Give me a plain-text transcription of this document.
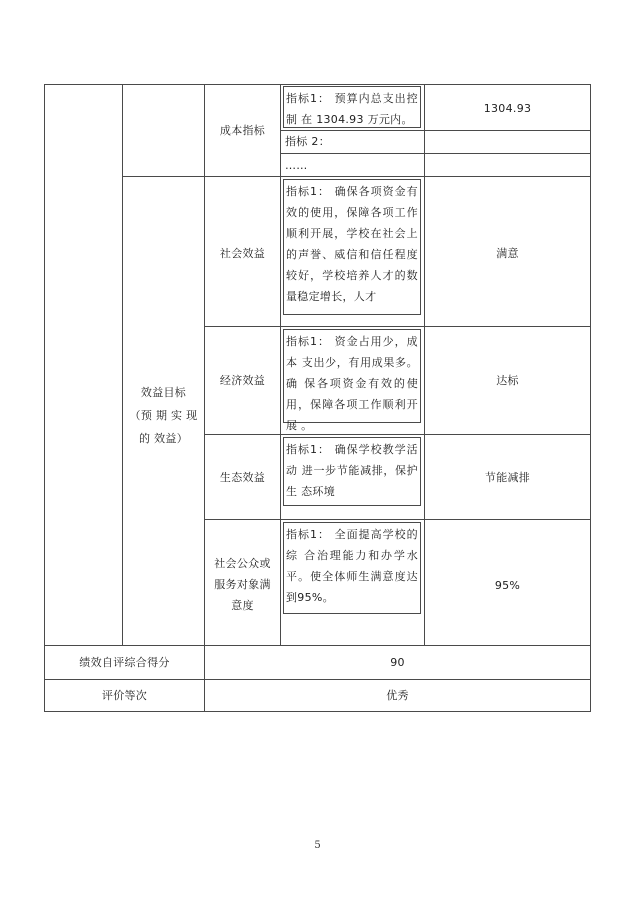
成本指标
指标1： 预算内总支出控制 在 1304.93 万元内。
1304.93
指标 2：
……
效益目标
（预 期 实 现
的 效益）
社会效益
指标1： 确保各项资金有效的使用，保障各项工作顺利开展，学校在社会上的声誉、威信和信任程度较好，学校培养人才的数量稳定增长，人才
满意
经济效益
指标1： 资金占用少，成本 支出少，有用成果多。确 保各项资金有效的使用，保障各项工作顺利开展 。
达标
生态效益
指标1： 确保学校教学活动 进一步节能减排，保护生 态环境
节能减排
社会公众或
服务对象满
意度
指标1： 全面提高学校的综 合治理能力和办学水平。使全体师生满意度达到95%。
95%
绩效自评综合得分	90
评价等次	优秀
5
